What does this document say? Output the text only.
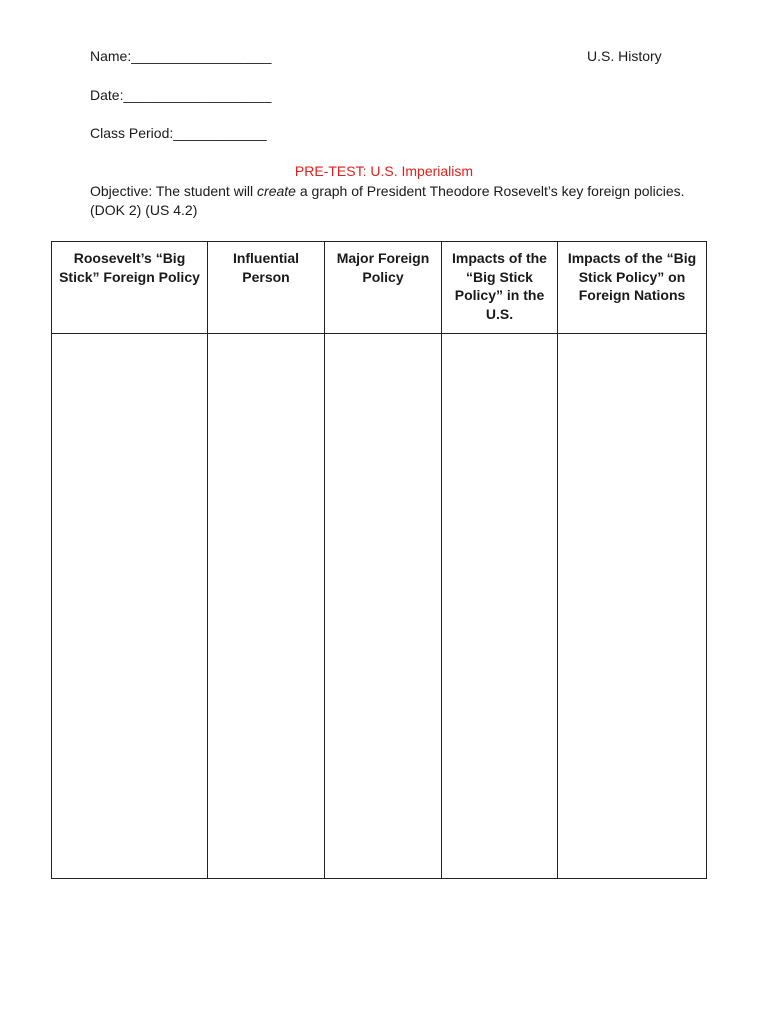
Name:__________________	U.S. History
Date:___________________
Class Period:____________
PRE-TEST: U.S. Imperialism
Objective: The student will create a graph of President Theodore Rosevelt’s key foreign policies. (DOK 2) (US 4.2)
Roosevelt’s “Big Stick” Foreign Policy	Influential Person	Major Foreign Policy	Impacts of the “Big Stick Policy” in the U.S.	Impacts of the “Big Stick Policy” on Foreign Nations
